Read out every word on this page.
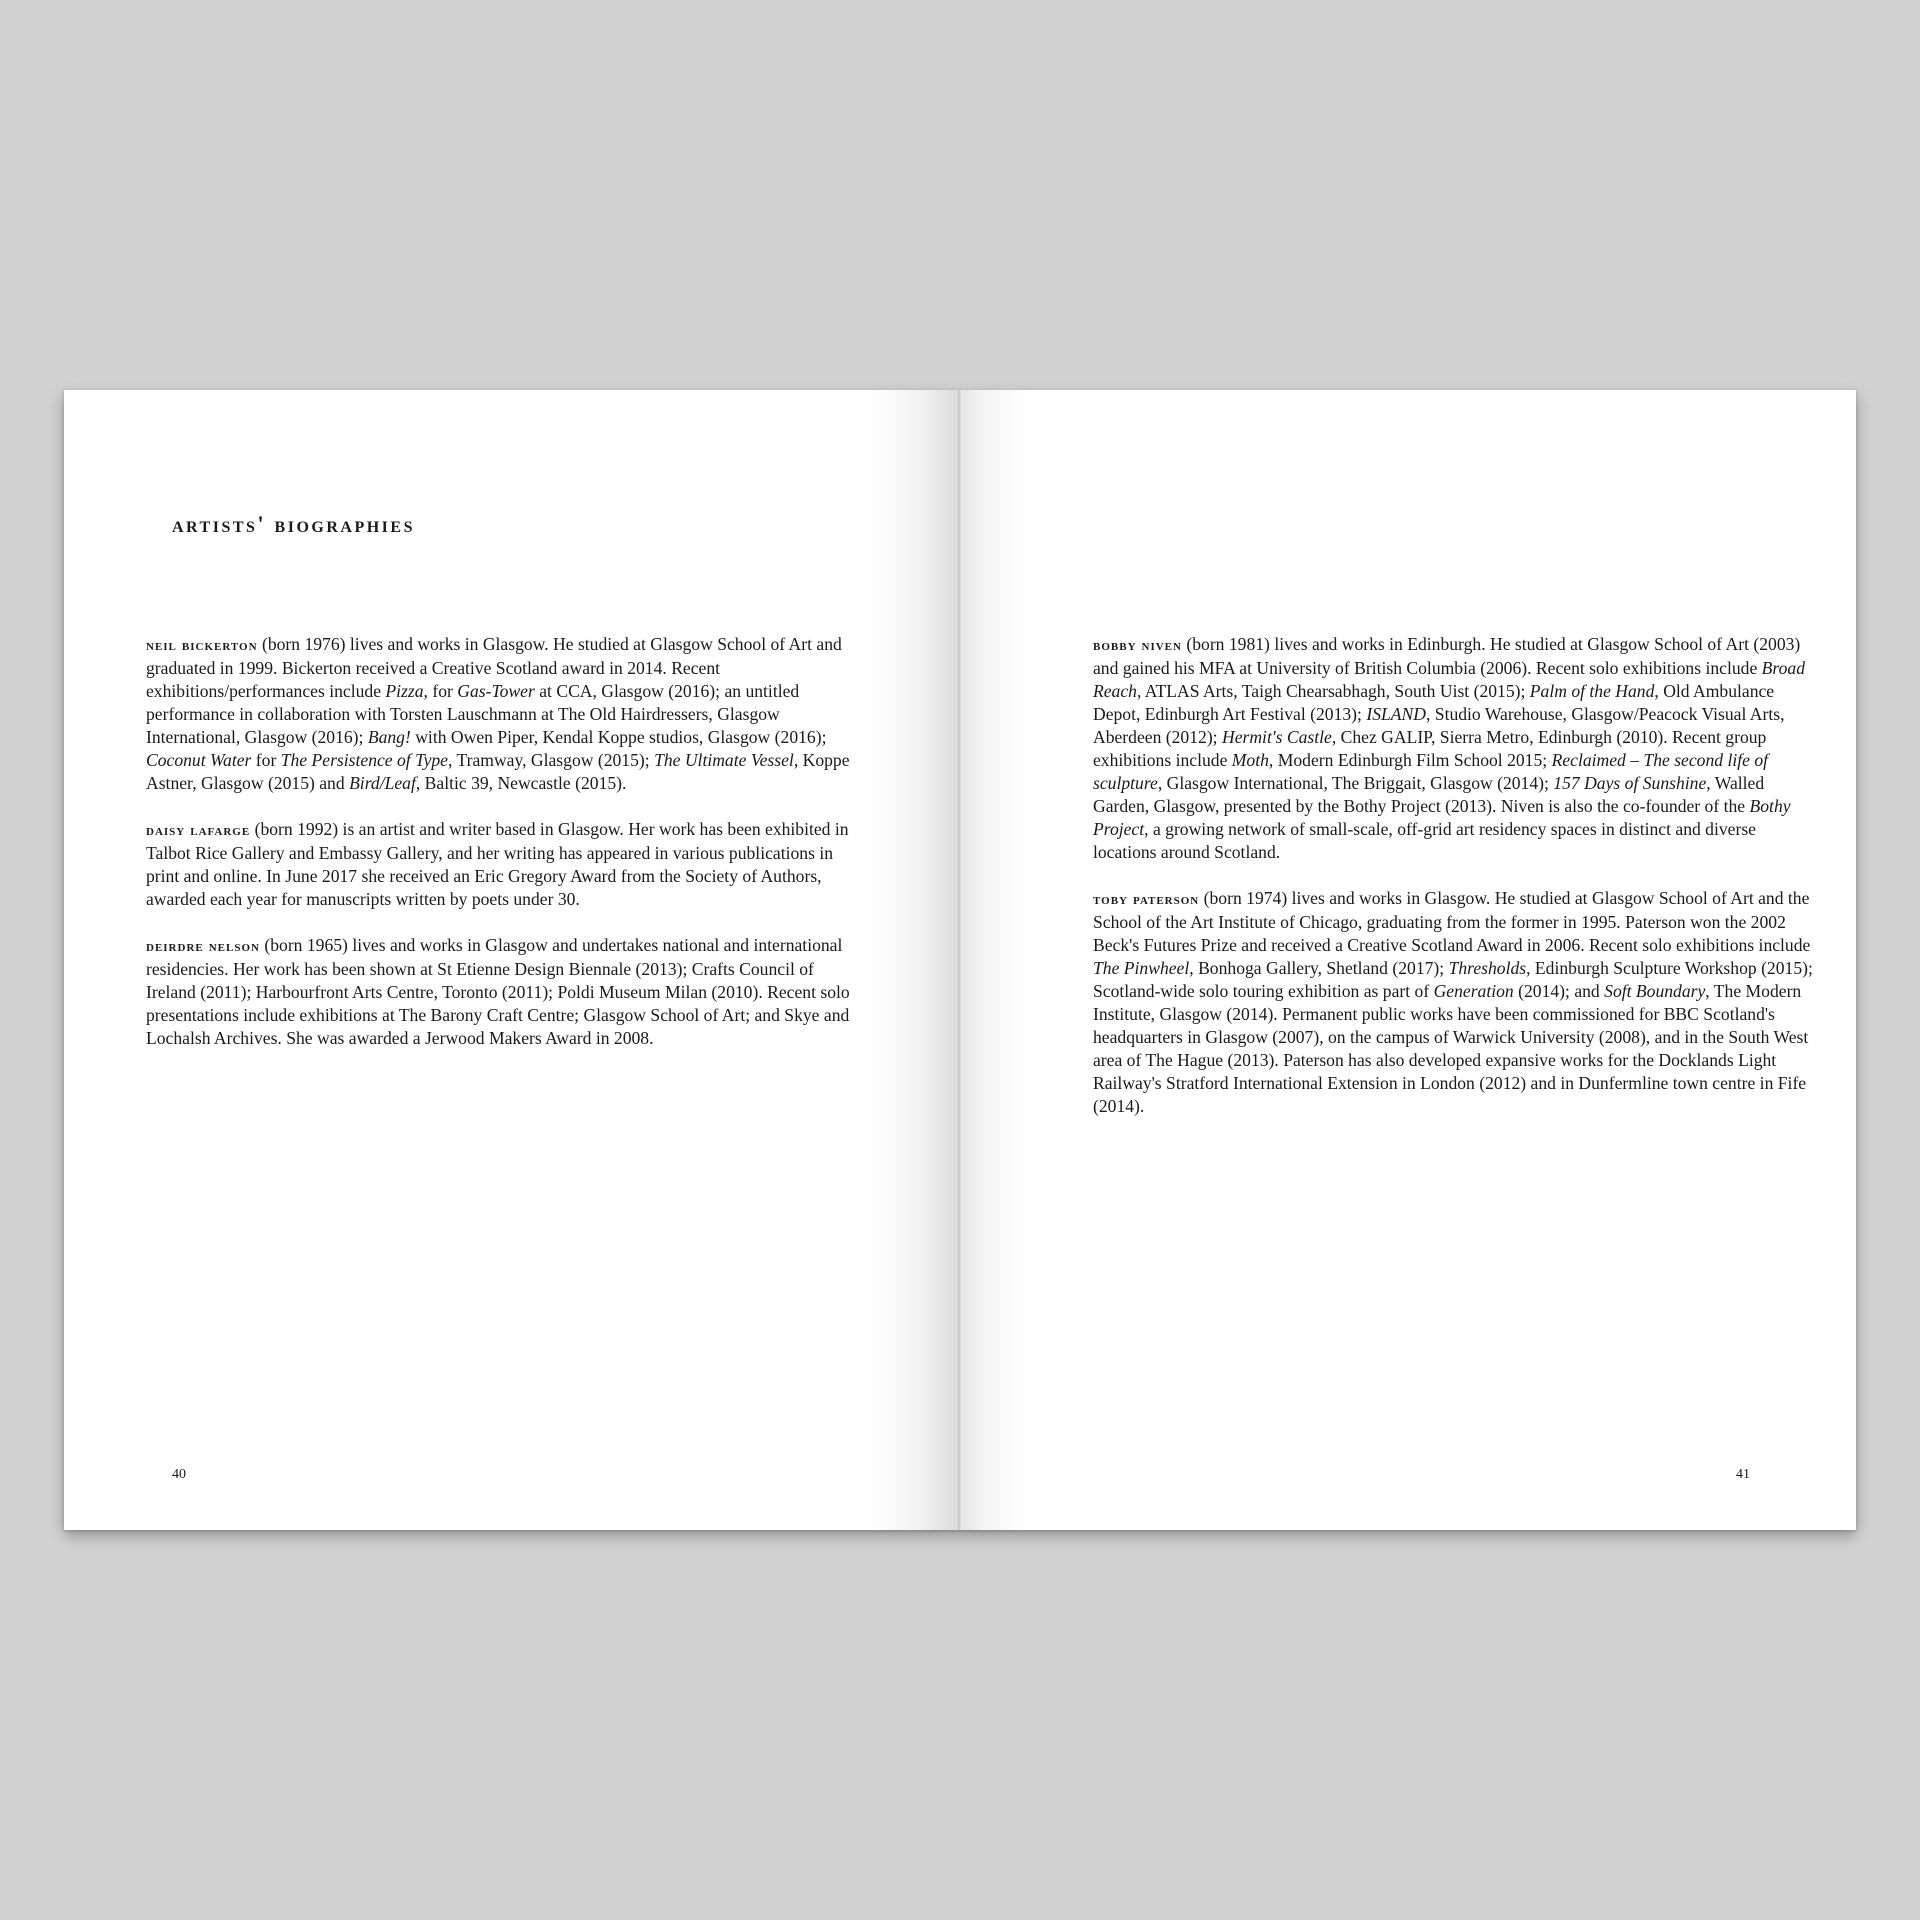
artists' biographies

neil bickerton (born 1976) lives and works in Glasgow. He studied at Glasgow School of Art and graduated in 1999. Bickerton received a Creative Scotland award in 2014. Recent exhibitions/performances include Pizza, for Gas-Tower at CCA, Glasgow (2016); an untitled performance in collaboration with Torsten Lauschmann at The Old Hairdressers, Glasgow International, Glasgow (2016); Bang! with Owen Piper, Kendal Koppe studios, Glasgow (2016); Coconut Water for The Persistence of Type, Tramway, Glasgow (2015); The Ultimate Vessel, Koppe Astner, Glasgow (2015) and Bird/Leaf, Baltic 39, Newcastle (2015).

daisy lafarge (born 1992) is an artist and writer based in Glasgow. Her work has been exhibited in Talbot Rice Gallery and Embassy Gallery, and her writing has appeared in various publications in print and online. In June 2017 she received an Eric Gregory Award from the Society of Authors, awarded each year for manuscripts written by poets under 30.

deirdre nelson (born 1965) lives and works in Glasgow and undertakes national and international residencies. Her work has been shown at St Etienne Design Biennale (2013); Crafts Council of Ireland (2011); Harbourfront Arts Centre, Toronto (2011); Poldi Museum Milan (2010). Recent solo presentations include exhibitions at The Barony Craft Centre; Glasgow School of Art; and Skye and Lochalsh Archives. She was awarded a Jerwood Makers Award in 2008.

40

bobby niven (born 1981) lives and works in Edinburgh. He studied at Glasgow School of Art (2003) and gained his MFA at University of British Columbia (2006). Recent solo exhibitions include Broad Reach, ATLAS Arts, Taigh Chearsabhagh, South Uist (2015); Palm of the Hand, Old Ambulance Depot, Edinburgh Art Festival (2013); ISLAND, Studio Warehouse, Glasgow/Peacock Visual Arts, Aberdeen (2012); Hermit's Castle, Chez GALIP, Sierra Metro, Edinburgh (2010). Recent group exhibitions include Moth, Modern Edinburgh Film School 2015; Reclaimed – The second life of sculpture, Glasgow International, The Briggait, Glasgow (2014); 157 Days of Sunshine, Walled Garden, Glasgow, presented by the Bothy Project (2013). Niven is also the co-founder of the Bothy Project, a growing network of small-scale, off-grid art residency spaces in distinct and diverse locations around Scotland.

toby paterson (born 1974) lives and works in Glasgow. He studied at Glasgow School of Art and the School of the Art Institute of Chicago, graduating from the former in 1995. Paterson won the 2002 Beck's Futures Prize and received a Creative Scotland Award in 2006. Recent solo exhibitions include The Pinwheel, Bonhoga Gallery, Shetland (2017); Thresholds, Edinburgh Sculpture Workshop (2015); Scotland-wide solo touring exhibition as part of Generation (2014); and Soft Boundary, The Modern Institute, Glasgow (2014). Permanent public works have been commissioned for BBC Scotland's headquarters in Glasgow (2007), on the campus of Warwick University (2008), and in the South West area of The Hague (2013). Paterson has also developed expansive works for the Docklands Light Railway's Stratford International Extension in London (2012) and in Dunfermline town centre in Fife (2014).

41
